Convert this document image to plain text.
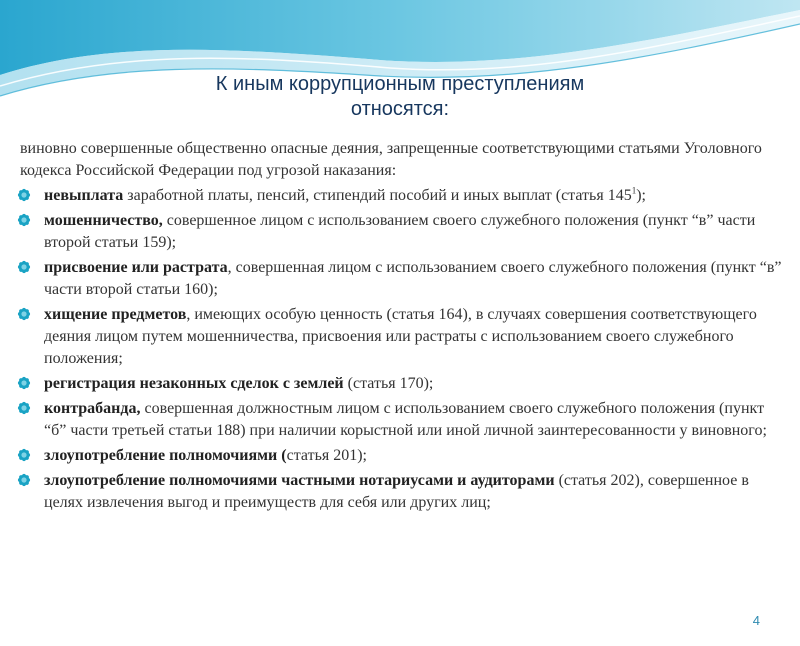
К иным коррупционным преступлениям
относятся:
виновно совершенные общественно опасные деяния, запрещенные соответствующими статьями Уголовного кодекса Российской Федерации под угрозой наказания:
невыплата заработной платы, пенсий, стипендий пособий и иных выплат (статья $145^1$);
мошенничество, совершенное лицом с использованием своего служебного положения (пункт “в” части второй статьи 159);
присвоение или растрата, совершенная лицом с использованием своего служебного положения (пункт “в” части второй статьи 160);
хищение предметов, имеющих особую ценность (статья 164), в случаях совершения соответствующего деяния лицом путем мошенничества, присвоения или растраты с использованием своего служебного положения;
регистрация незаконных сделок с землей (статья 170);
контрабанда, совершенная должностным лицом с использованием своего служебного положения (пункт “б” части третьей статьи 188) при наличии корыстной или иной личной заинтересованности у виновного;
злоупотребление полномочиями (статья 201);
злоупотребление полномочиями частными нотариусами и аудиторами (статья 202), совершенное в целях извлечения выгод и преимуществ для себя или других лиц;
4
